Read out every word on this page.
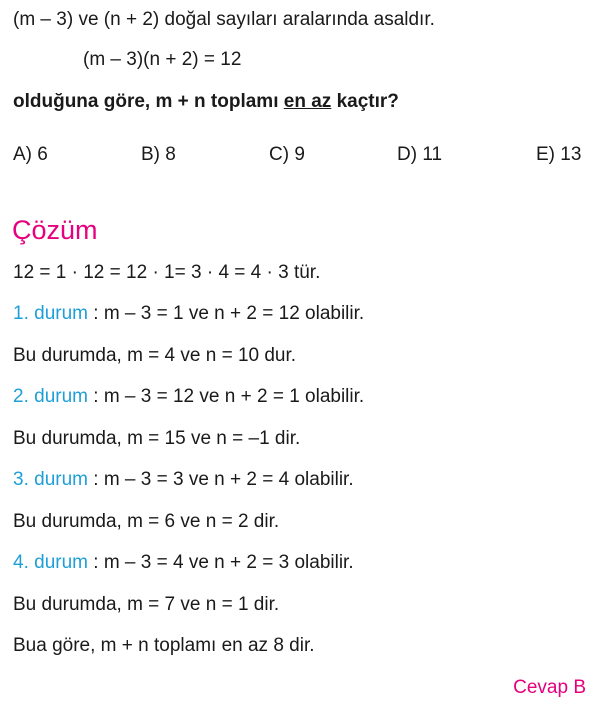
(m – 3) ve (n + 2) doğal sayıları aralarında asaldır.
(m – 3)(n + 2) = 12
olduğuna göre, m + n toplamı en az kaçtır?
A) 6	B) 8	C) 9	D) 11	E) 13
Çözüm
12 = 1 · 12 = 12 · 1= 3 · 4 = 4 · 3 tür.
1. durum : m – 3 = 1 ve n + 2 = 12 olabilir.
Bu durumda, m = 4 ve n = 10 dur.
2. durum : m – 3 = 12 ve n + 2 = 1 olabilir.
Bu durumda, m = 15 ve n = –1 dir.
3. durum : m – 3 = 3 ve n + 2 = 4 olabilir.
Bu durumda, m = 6 ve n = 2 dir.
4. durum : m – 3 = 4 ve n + 2 = 3 olabilir.
Bu durumda, m = 7 ve n = 1 dir.
Bua göre, m + n toplamı en az 8 dir.
Cevap B
